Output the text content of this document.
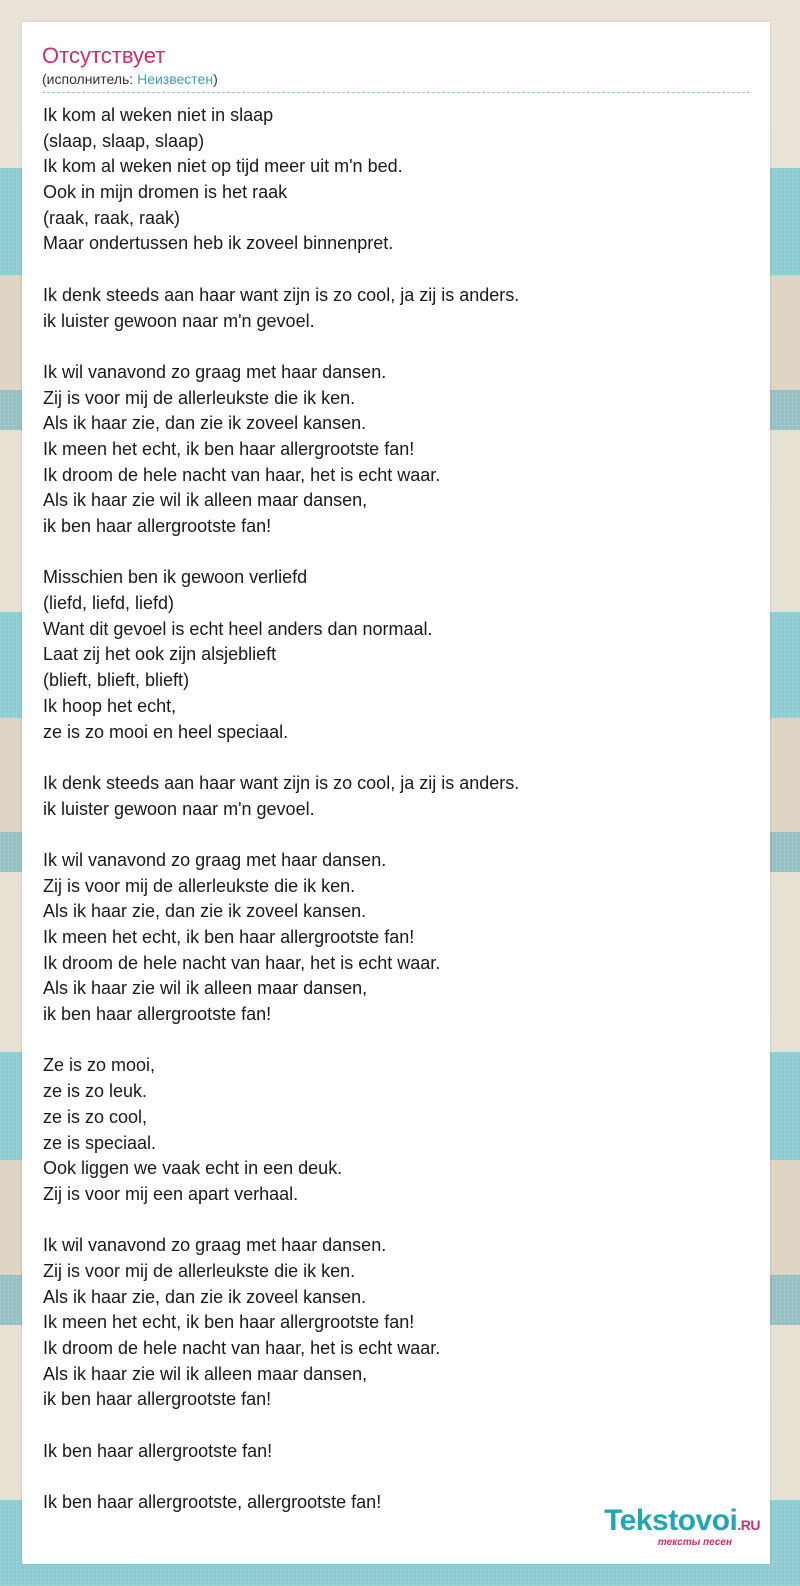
Отсутствует
(исполнитель: Неизвестен)
Ik kom al weken niet in slaap
(slaap, slaap, slaap)
Ik kom al weken niet op tijd meer uit m'n bed.
Ook in mijn dromen is het raak
(raak, raak, raak)
Maar ondertussen heb ik zoveel binnenpret.
Ik denk steeds aan haar want zijn is zo cool, ja zij is anders.
ik luister gewoon naar m'n gevoel.
Ik wil vanavond zo graag met haar dansen.
Zij is voor mij de allerleukste die ik ken.
Als ik haar zie, dan zie ik zoveel kansen.
Ik meen het echt, ik ben haar allergrootste fan!
Ik droom de hele nacht van haar, het is echt waar.
Als ik haar zie wil ik alleen maar dansen,
ik ben haar allergrootste fan!
Misschien ben ik gewoon verliefd
(liefd, liefd, liefd)
Want dit gevoel is echt heel anders dan normaal.
Laat zij het ook zijn alsjeblieft
(blieft, blieft, blieft)
Ik hoop het echt,
ze is zo mooi en heel speciaal.
Ik denk steeds aan haar want zijn is zo cool, ja zij is anders.
ik luister gewoon naar m'n gevoel.
Ik wil vanavond zo graag met haar dansen.
Zij is voor mij de allerleukste die ik ken.
Als ik haar zie, dan zie ik zoveel kansen.
Ik meen het echt, ik ben haar allergrootste fan!
Ik droom de hele nacht van haar, het is echt waar.
Als ik haar zie wil ik alleen maar dansen,
ik ben haar allergrootste fan!
Ze is zo mooi,
ze is zo leuk.
ze is zo cool,
ze is speciaal.
Ook liggen we vaak echt in een deuk.
Zij is voor mij een apart verhaal.
Ik wil vanavond zo graag met haar dansen.
Zij is voor mij de allerleukste die ik ken.
Als ik haar zie, dan zie ik zoveel kansen.
Ik meen het echt, ik ben haar allergrootste fan!
Ik droom de hele nacht van haar, het is echt waar.
Als ik haar zie wil ik alleen maar dansen,
ik ben haar allergrootste fan!
Ik ben haar allergrootste fan!
Ik ben haar allergrootste, allergrootste fan!
Tekstovoi.RU
тексты песен
